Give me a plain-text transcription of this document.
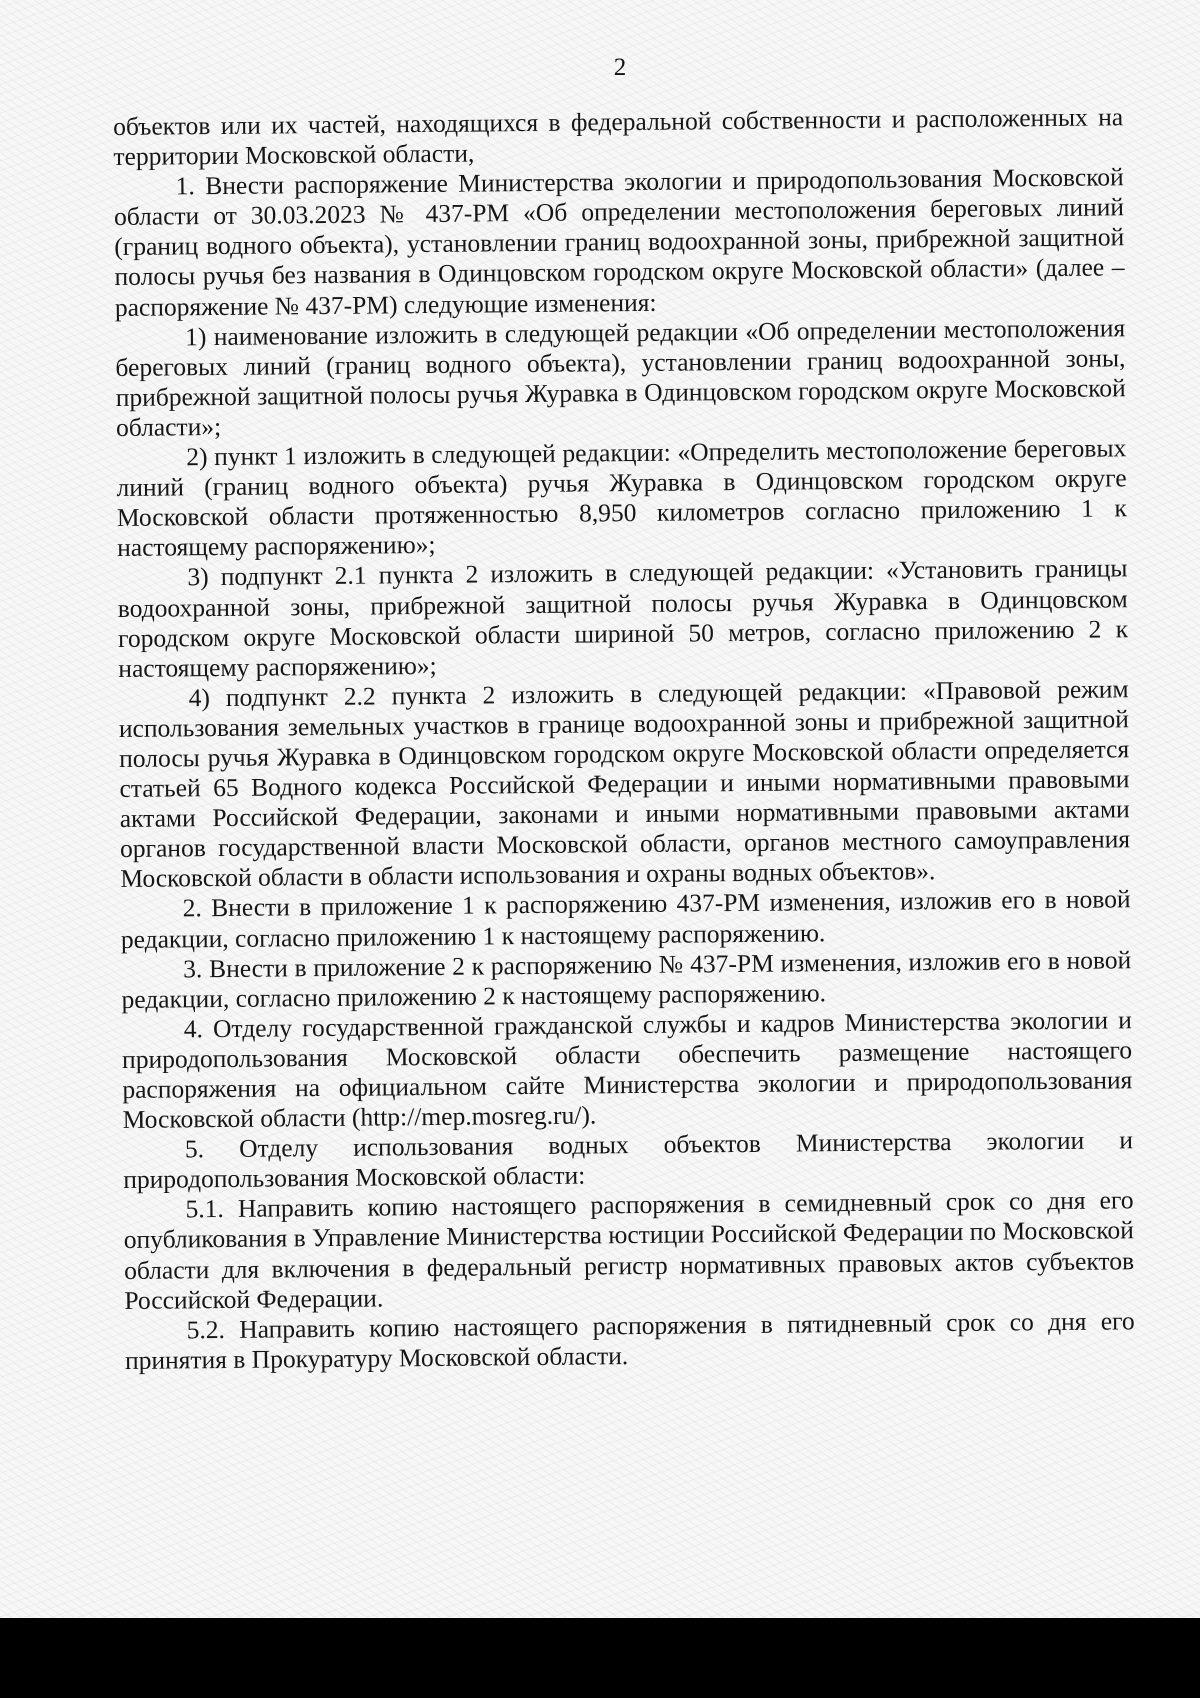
2

объектов или их частей, находящихся в федеральной собственности и расположенных на территории Московской области,

1. Внести распоряжение Министерства экологии и природопользования Московской области от 30.03.2023 № 437-РМ «Об определении местоположения береговых линий (границ водного объекта), установлении границ водоохранной зоны, прибрежной защитной полосы ручья без названия в Одинцовском городском округе Московской области» (далее – распоряжение № 437-РМ) следующие изменения:

1) наименование изложить в следующей редакции «Об определении местоположения береговых линий (границ водного объекта), установлении границ водоохранной зоны, прибрежной защитной полосы ручья Журавка в Одинцовском городском округе Московской области»;

2) пункт 1 изложить в следующей редакции: «Определить местоположение береговых линий (границ водного объекта) ручья Журавка в Одинцовском городском округе Московской области протяженностью 8,950 километров согласно приложению 1 к настоящему распоряжению»;

3) подпункт 2.1 пункта 2 изложить в следующей редакции: «Установить границы водоохранной зоны, прибрежной защитной полосы ручья Журавка в Одинцовском городском округе Московской области шириной 50 метров, согласно приложению 2 к настоящему распоряжению»;

4) подпункт 2.2 пункта 2 изложить в следующей редакции: «Правовой режим использования земельных участков в границе водоохранной зоны и прибрежной защитной полосы ручья Журавка в Одинцовском городском округе Московской области определяется статьей 65 Водного кодекса Российской Федерации и иными нормативными правовыми актами Российской Федерации, законами и иными нормативными правовыми актами органов государственной власти Московской области, органов местного самоуправления Московской области в области использования и охраны водных объектов».

2. Внести в приложение 1 к распоряжению 437-РМ изменения, изложив его в новой редакции, согласно приложению 1 к настоящему распоряжению.

3. Внести в приложение 2 к распоряжению № 437-РМ изменения, изложив его в новой редакции, согласно приложению 2 к настоящему распоряжению.

4. Отделу государственной гражданской службы и кадров Министерства экологии и природопользования Московской области обеспечить размещение настоящего распоряжения на официальном сайте Министерства экологии и природопользования Московской области (http://mep.mosreg.ru/).

5. Отделу использования водных объектов Министерства экологии и природопользования Московской области:

5.1. Направить копию настоящего распоряжения в семидневный срок со дня его опубликования в Управление Министерства юстиции Российской Федерации по Московской области для включения в федеральный регистр нормативных правовых актов субъектов Российской Федерации.

5.2. Направить копию настоящего распоряжения в пятидневный срок со дня его принятия в Прокуратуру Московской области.
